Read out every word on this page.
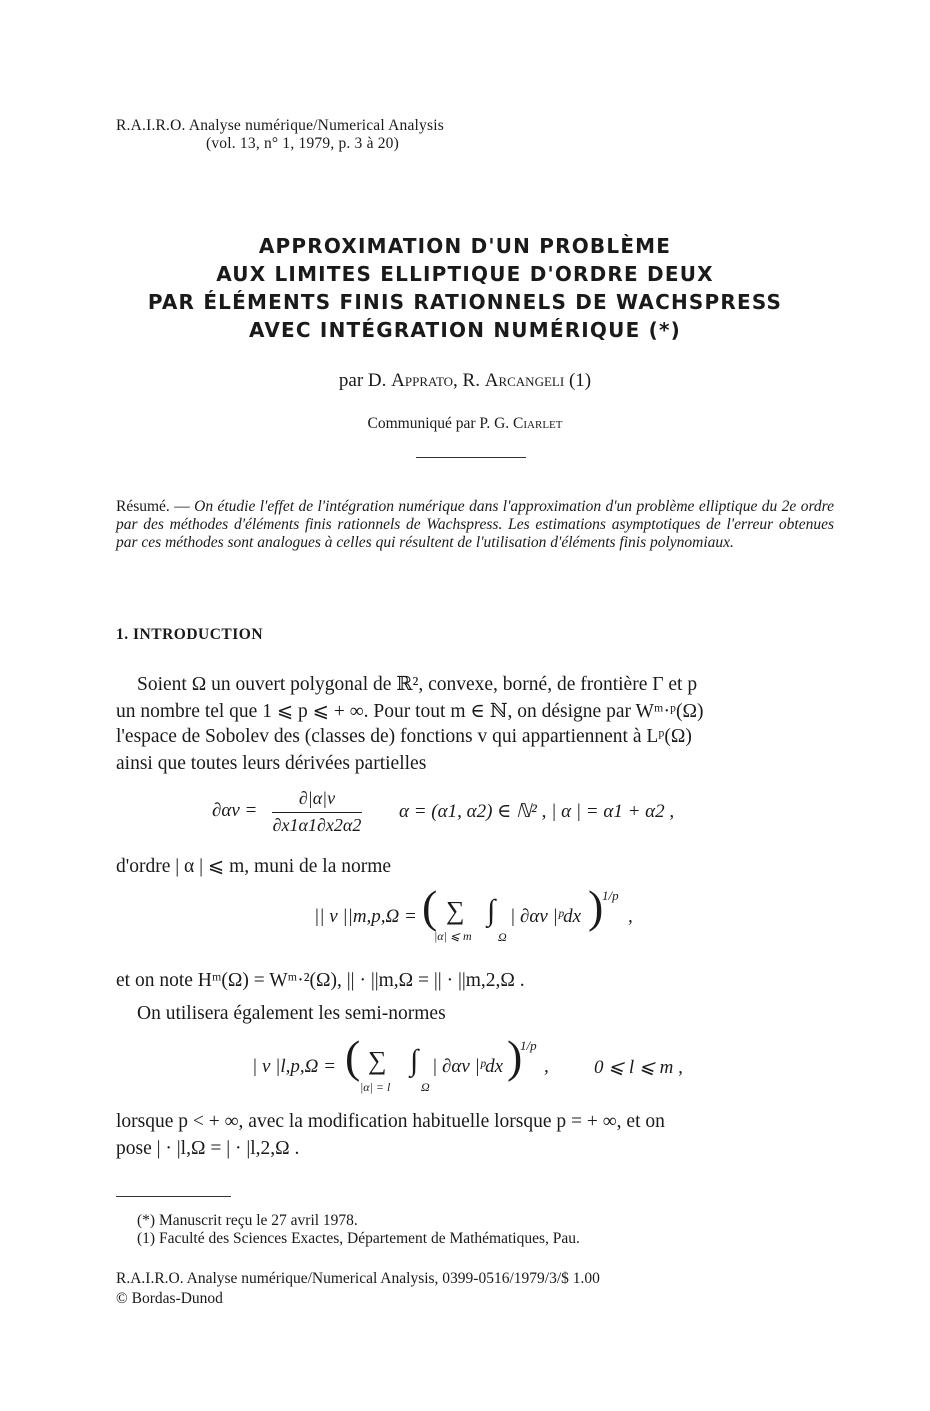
R.A.I.R.O. Analyse numérique/Numerical Analysis
(vol. 13, n° 1, 1979, p. 3 à 20)
APPROXIMATION D'UN PROBLÈME
AUX LIMITES ELLIPTIQUE D'ORDRE DEUX
PAR ÉLÉMENTS FINIS RATIONNELS DE WACHSPRESS
AVEC INTÉGRATION NUMÉRIQUE (*)
par D. Apprato, R. Arcangeli (1)
Communiqué par P. G. Ciarlet
Résumé. — On étudie l'effet de l'intégration numérique dans l'approximation d'un problème elliptique du 2e ordre par des méthodes d'éléments finis rationnels de Wachspress. Les estimations asymptotiques de l'erreur obtenues par ces méthodes sont analogues à celles qui résultent de l'utilisation d'éléments finis polynomiaux.
1. INTRODUCTION
Soient Ω un ouvert polygonal de ℝ², convexe, borné, de frontière Γ et p
un nombre tel que 1 ⩽ p ⩽ + ∞. Pour tout m ∈ ℕ, on désigne par Wᵐ·ᵖ(Ω)
l'espace de Sobolev des (classes de) fonctions v qui appartiennent à Lᵖ(Ω)
ainsi que toutes leurs dérivées partielles
∂αv =
∂|α|v
∂x1α1∂x2α2
α = (α1, α2) ∈ ℕ² , | α | = α1 + α2 ,
d'ordre | α | ⩽ m, muni de la norme
|| v ||m,p,Ω = ( ∑
|α| ⩽ m
∫
Ω
| ∂αv |ᵖdx )
1/p
,
et on note Hᵐ(Ω) = Wᵐ·²(Ω), || · ||m,Ω = || · ||m,2,Ω .
On utilisera également les semi-normes
| v |l,p,Ω = ( ∑
|α| = l
∫
Ω
| ∂αv |ᵖdx )
1/p
, 0 ⩽ l ⩽ m ,
lorsque p < + ∞, avec la modification habituelle lorsque p = + ∞, et on
pose | · |l,Ω = | · |l,2,Ω .
(*) Manuscrit reçu le 27 avril 1978.
(1) Faculté des Sciences Exactes, Département de Mathématiques, Pau.
R.A.I.R.O. Analyse numérique/Numerical Analysis, 0399-0516/1979/3/$ 1.00
© Bordas-Dunod
